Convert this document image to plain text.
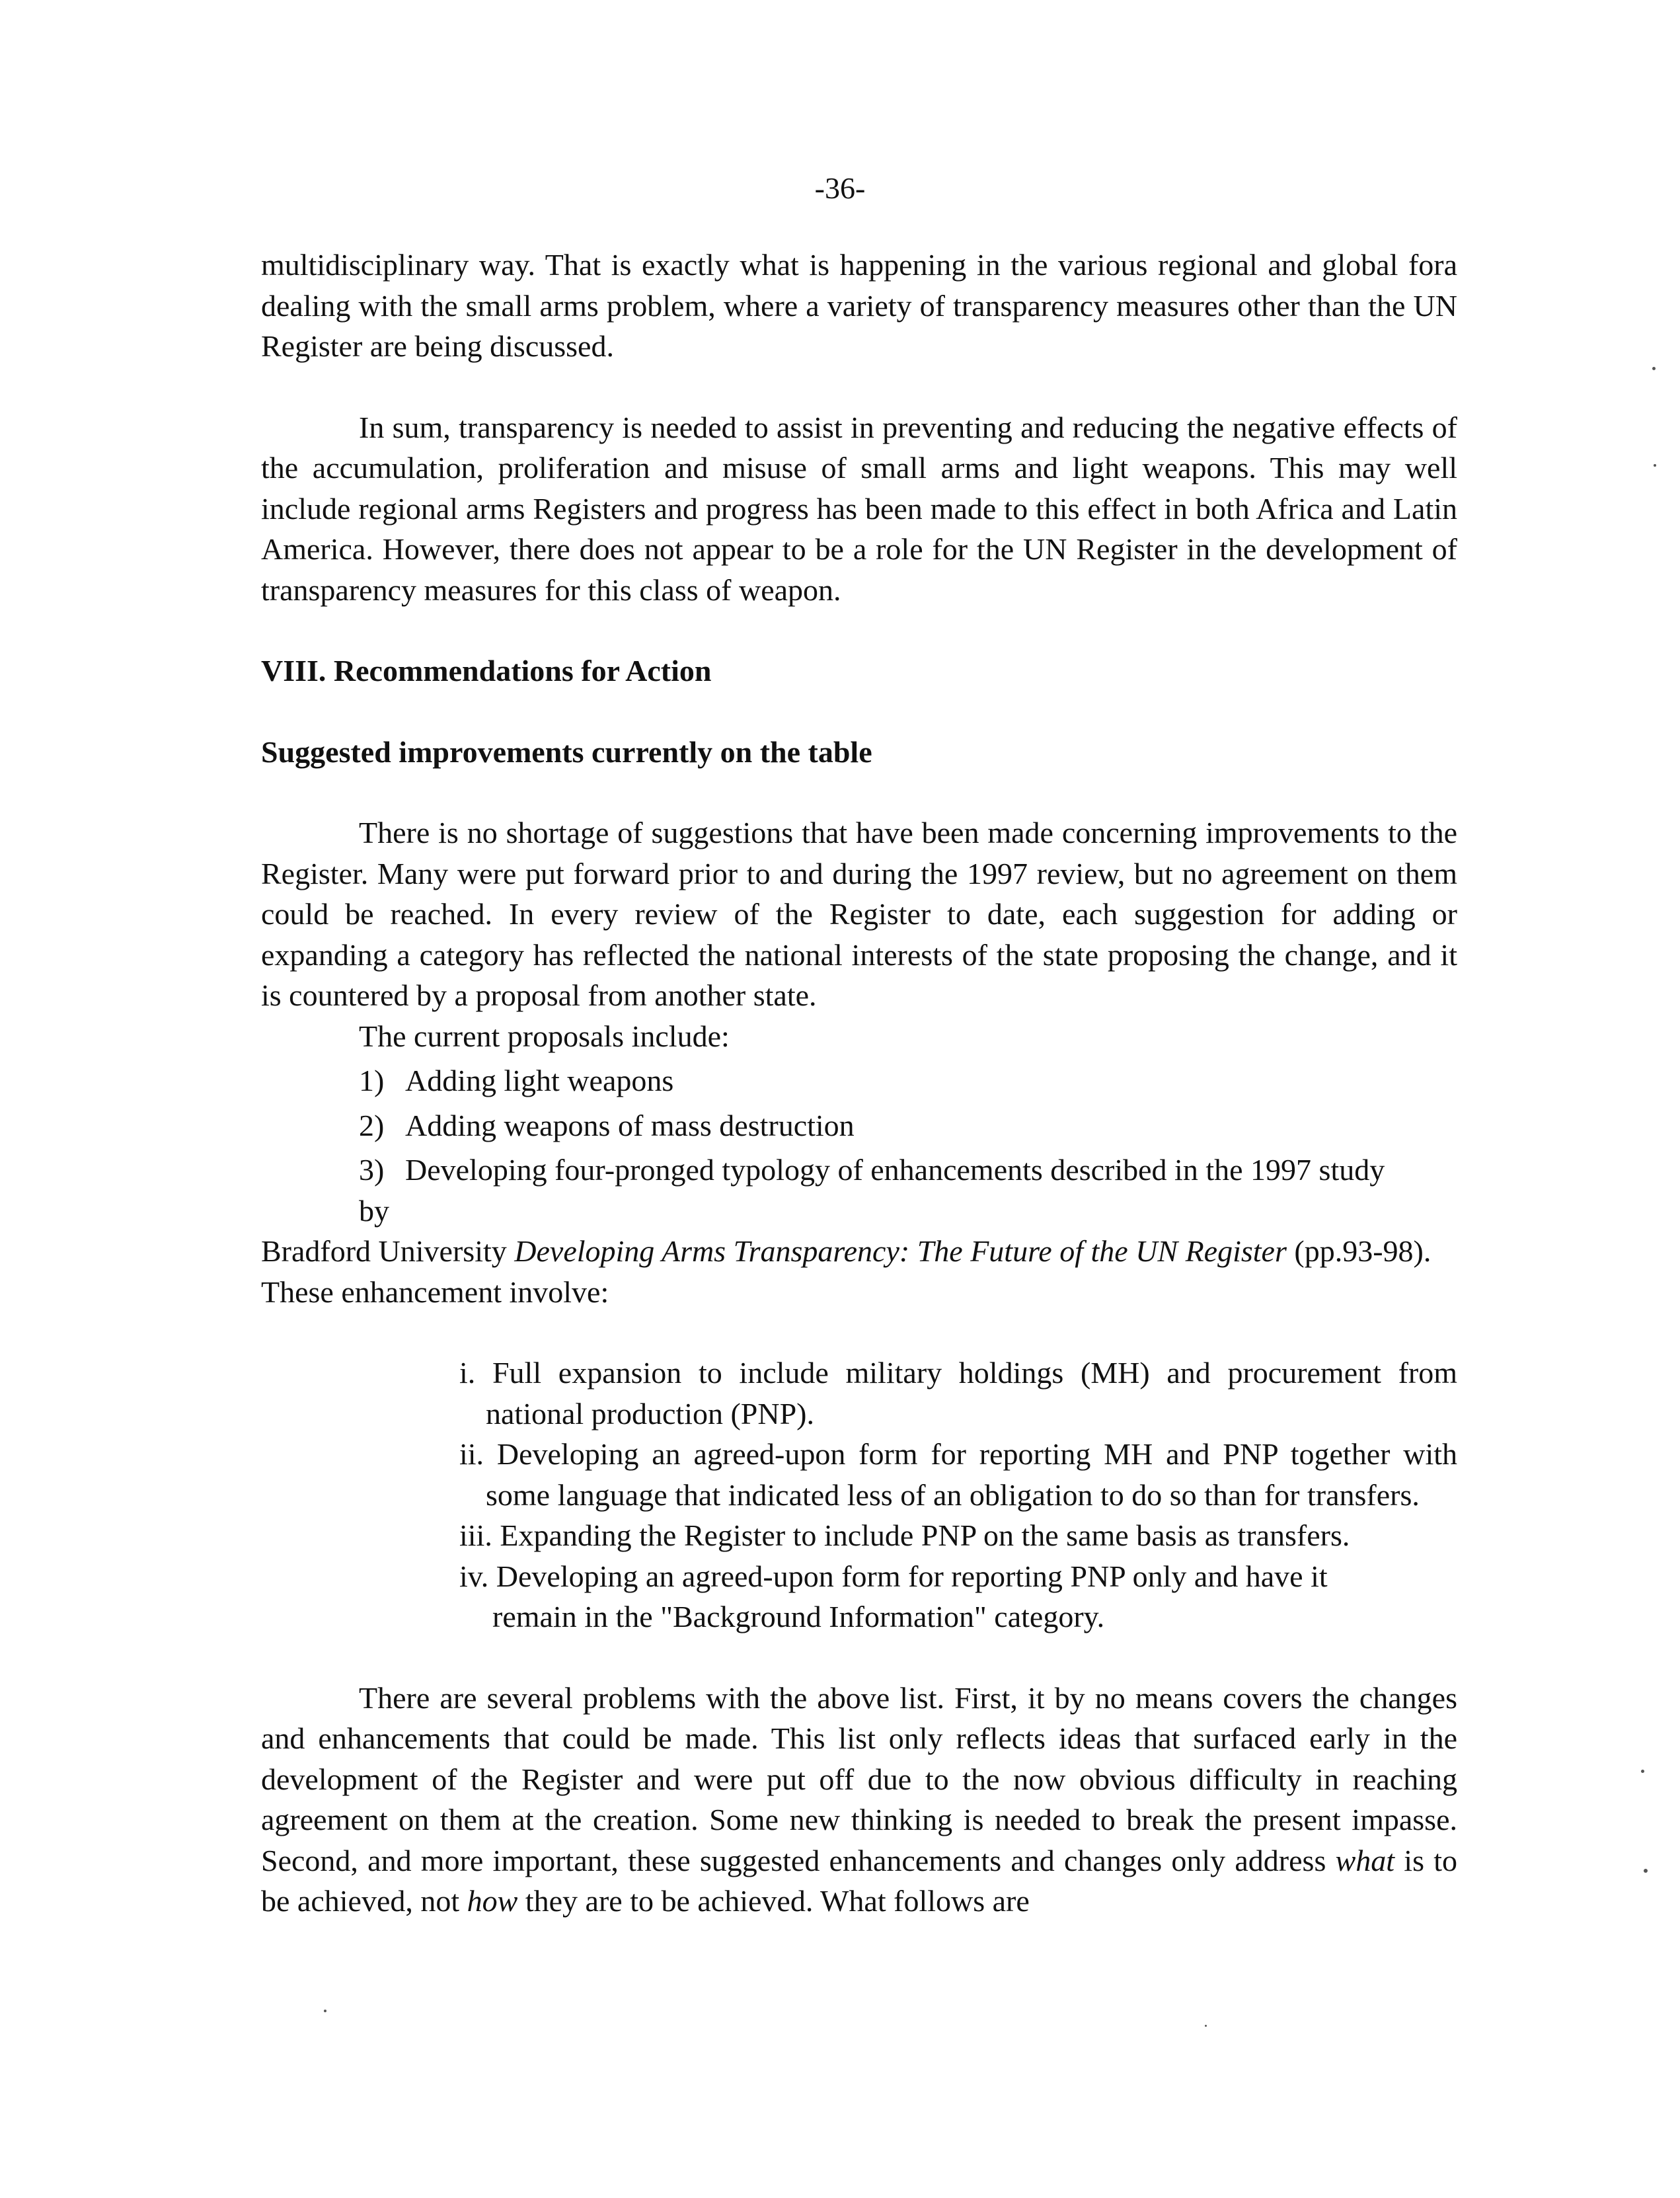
-36-

multidisciplinary way. That is exactly what is happening in the various regional and global fora dealing with the small arms problem, where a variety of transparency measures other than the UN Register are being discussed.

In sum, transparency is needed to assist in preventing and reducing the negative effects of the accumulation, proliferation and misuse of small arms and light weapons. This may well include regional arms Registers and progress has been made to this effect in both Africa and Latin America. However, there does not appear to be a role for the UN Register in the development of transparency measures for this class of weapon.

VIII. Recommendations for Action
Suggested improvements currently on the table

There is no shortage of suggestions that have been made concerning improvements to the Register. Many were put forward prior to and during the 1997 review, but no agreement on them could be reached. In every review of the Register to date, each suggestion for adding or expanding a category has reflected the national interests of the state proposing the change, and it is countered by a proposal from another state.

The current proposals include:
1) Adding light weapons
2) Adding weapons of mass destruction
3) Developing four-pronged typology of enhancements described in the 1997 study
by

Bradford University Developing Arms Transparency: The Future of the UN Register (pp.93-98). These enhancement involve:

i. Full expansion to include military holdings (MH) and procurement from national production (PNP).
ii. Developing an agreed-upon form for reporting MH and PNP together with some language that indicated less of an obligation to do so than for transfers.
iii. Expanding the Register to include PNP on the same basis as transfers.
iv. Developing an agreed-upon form for reporting PNP only and have it
remain in the "Background Information" category.

There are several problems with the above list. First, it by no means covers the changes and enhancements that could be made. This list only reflects ideas that surfaced early in the development of the Register and were put off due to the now obvious difficulty in reaching agreement on them at the creation. Some new thinking is needed to break the present impasse. Second, and more important, these suggested enhancements and changes only address what is to be achieved, not how they are to be achieved. What follows are
